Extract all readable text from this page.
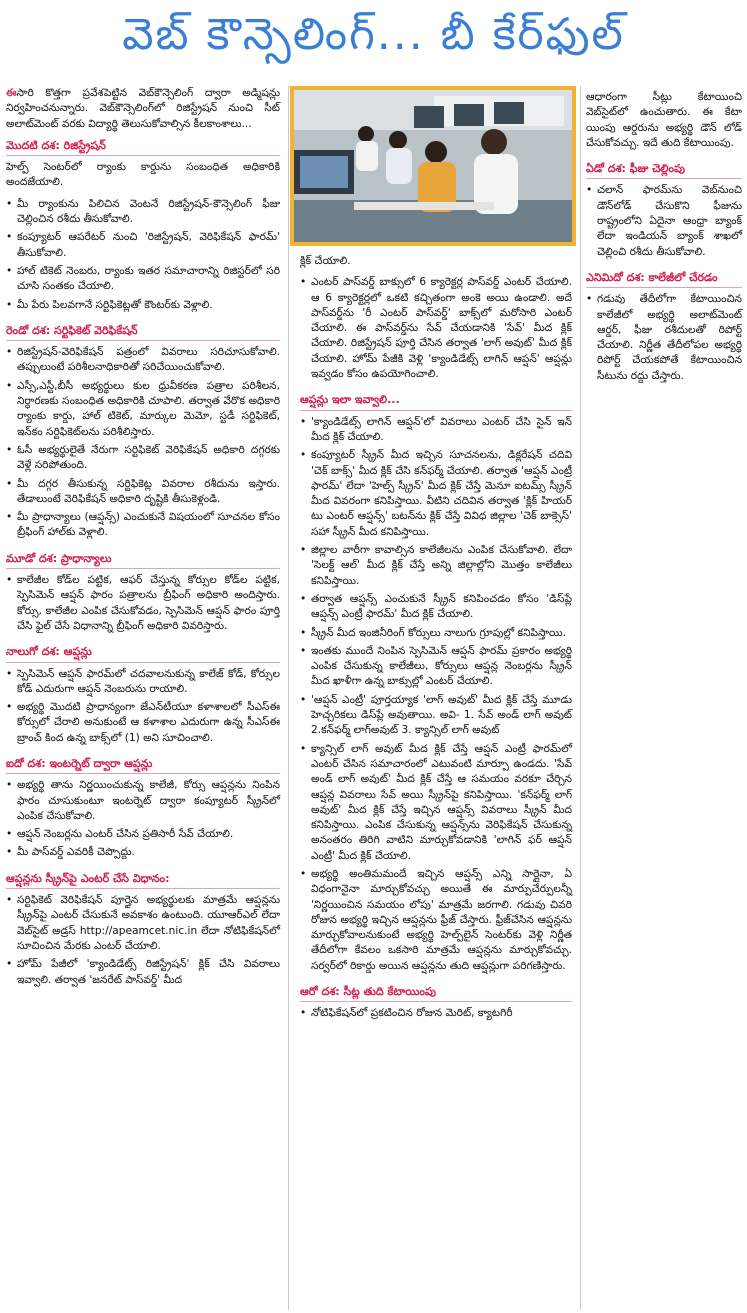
వెబ్ కౌన్సెలింగ్... బీ కేర్‌ఫుల్

ఈసారి కొత్తగా ప్రవేశపెట్టిన వెబ్‌కౌన్సెలింగ్ ద్వారా అడ్మిషన్లు నిర్వహించనున్నారు. వెబ్‌కౌన్సెలింగ్‌లో రిజిస్ట్రేషన్ నుంచి సీట్ అలాట్‌మెంట్ వరకు విద్యార్థి తెలుసుకోవాల్సిన కీలకాంశాలు...

మొదటి దశ: రిజిస్ట్రేషన్

హెల్ప్ సెంటర్‌లో ర్యాంకు కార్డును సంబంధిత అధికారికి అందజేయాలి.

• మీ ర్యాంకును పిలిచిన వెంటనే రిజిస్ట్రేషన్-కౌన్సెలింగ్ ఫీజు చెల్లించిన రశీదు తీసుకోవాలి.
• కంప్యూటర్ ఆపరేటర్ నుంచి 'రిజిస్ట్రేషన్, వెరిఫికేషన్ ఫారమ్' తీసుకోవాలి.
• హాల్ టికెట్ నెంబరు, ర్యాంకు ఇతర సమాచారాన్ని రిజిస్టర్‌లో సరి చూసి సంతకం చేయాలి.
• మీ పేరు పిలవగానే సర్టిఫికెట్లతో కౌంటర్‌కు వెళ్లాలి.
రెండో దశ: సర్టిఫికెట్ వెరిఫికేషన్
• రిజిస్ట్రేషన్-వెరిఫికేషన్ పత్రంలో వివరాలు సరిచూసుకోవాలి. తప్పులుంటే పరిశీలనాధికారితో సరిచేయించుకోవాలి.
• ఎస్సీ,ఎస్టీ,బీసీ అభ్యర్థులు కుల ధ్రువీకరణ పత్రాల పరిశీలన, నిర్ధారణకు సంబంధిత అధికారికి చూపాలి. తర్వాత వేరొక అధికారి ర్యాంకు కార్డు, హాల్ టికెట్, మార్కుల మెమో, స్టడీ సర్టిఫికెట్, ఇన్‌కం సర్టిఫికెట్‌లను పరిశీలిస్తారు.
• ఓసీ అభ్యర్థులైతే నేరుగా సర్టిఫికెట్ వెరిఫికేషన్ అధికారి దగ్గరకు వెళ్లే సరిపోతుంది.
• మీ దగ్గర తీసుకున్న సర్టిఫికెట్ల వివరాల రశీదును ఇస్తారు. తేడాలుంటే వెరిఫికేషన్ అధికారి దృష్టికి తీసుకెళ్లండి.
• మీ ప్రాధాన్యాలు (ఆప్షన్స్) ఎంచుకునే విషయంలో సూచనల కోసం బ్రీఫింగ్ హాల్‌కు వెళ్లాలి.
మూడో దశ: ప్రాధాన్యాలు
• కాలేజీల కోడ్‌ల పట్టిక, ఆఫర్ చేస్తున్న కోర్సుల కోడ్‌ల పట్టిక, స్పెసిమెన్ ఆప్షన్ ఫారం పత్రాలను బ్రీఫింగ్ అధికారి అందిస్తారు. కోర్సు, కాలేజీల ఎంపిక చేసుకోవడం, స్పెసిమెన్ ఆప్షన్ ఫారం పూర్తి చేసి ఫైల్ చేసే విధానాన్ని బ్రీఫింగ్ అధికారి వివరిస్తారు.
నాలుగో దశ: ఆప్షన్లు
• స్పెసిమెన్ ఆప్షన్ ఫారమ్‌లో చదవాలనుకున్న కాలేజ్ కోడ్, కోర్సుల కోడ్ ఎదురుగా ఆప్షన్ నెంబరును రాయాలి.
• అభ్యర్థి మొదటి ప్రాధాన్యంగా జేఎన్‌టీయూ కళాశాలలో సీఎస్‌ఈ కోర్సులో చేరాలి అనుకుంటే ఆ కళాశాల ఎదురుగా ఉన్న సీఎస్‌ఈ బ్రాంచ్ కింద ఉన్న బాక్స్‌లో (1) అని సూచించాలి.
ఐదో దశ: ఇంటర్నెట్ ద్వారా ఆప్షన్లు
• అభ్యర్థి తాను నిర్ణయించుకున్న కాలేజీ, కోర్సు ఆప్షన్లను నింపిన ఫారం చూసుకుంటూ ఇంటర్నెట్ ద్వారా కంప్యూటర్ స్క్రీన్‌లో ఎంపిక చేసుకోవాలి.
• ఆప్షన్ నెంబర్లను ఎంటర్ చేసిన ప్రతిసారీ సేవ్ చేయాలి.
• మీ పాస్‌వర్డ్ ఎవరికీ చెప్పొద్దు.
ఆప్షన్లను స్క్రీన్‌పై ఎంటర్ చేసే విధానం:
• సర్టిఫికెట్ వెరిఫికేషన్ పూర్తైన అభ్యర్థులకు మాత్రమే ఆప్షన్లను స్క్రీన్‌పై ఎంటర్ చేసుకునే అవకాశం ఉంటుంది. యూఆర్‌ఎల్ లేదా వెబ్‌సైట్ అడ్రస్ http://apeamcet.nic.in లేదా నోటిఫికేషన్‌లో సూచించిన మేరకు ఎంటర్ చేయాలి.
• హోమ్ పేజీలో 'క్యాండిడేట్స్ రిజిస్ట్రేషన్' క్లిక్ చేసి వివరాలు ఇవ్వాలి. తర్వాత 'జనరేట్ పాస్‌వర్డ్' మీద

క్లిక్ చేయాలి.

• ఎంటర్ పాస్‌వర్డ్ బాక్సులో 6 క్యారెక్టర్ల పాస్‌వర్డ్ ఎంటర్ చేయాలి. ఆ 6 క్యారెక్టర్లలో ఒకటి కచ్చితంగా అంకె అయి ఉండాలి. అదే పాస్‌వర్డ్‌ను 'రీ ఎంటర్ పాస్‌వర్డ్' బాక్స్‌లో మరోసారి ఎంటర్ చేయాలి. ఈ పాస్‌వర్డ్‌ను సేవ్ చేయడానికి 'సేవ్' మీద క్లిక్ చేయాలి. రిజిస్ట్రేషన్ పూర్తి చేసిన తర్వాత 'లాగ్ అవుట్' మీద క్లిక్ చేయాలి. హోమ్ పేజీకి వెళ్లి 'క్యాండిడేట్స్ లాగిన్ ఆప్షన్' ఆప్షన్లు ఇవ్వడం కోసం ఉపయోగించాలి.
ఆప్షన్లు ఇలా ఇవ్వాలి...
• 'క్యాండిడేట్స్ లాగిన్ ఆప్షన్'లో వివరాలు ఎంటర్ చేసి సైన్ ఇన్ మీద క్లిక్ చేయాలి.
• కంప్యూటర్ స్క్రీన్ మీద ఇచ్చిన సూచనలను, డిక్లరేషన్ చదివి 'చెక్ బాక్స్' మీద క్లిక్ చేసి కన్‌ఫర్మ్ చేయాలి. తర్వాత 'ఆప్షన్ ఎంట్రీ ఫారమ్' లేదా 'హెల్ప్ స్క్రీన్' మీద క్లిక్ చేస్తే మెనూ ఐటమ్స్ స్క్రీన్ మీద వివరంగా కనిపిస్తాయి. వీటిని చదివిన తర్వాత 'క్లిక్ హియర్ టు ఎంటర్ ఆప్షన్స్' బటన్‌ను క్లిక్ చేస్తే వివిధ జిల్లాల 'చెక్ బాక్సెస్' సహా స్క్రీన్ మీద కనిపిస్తాయి.
• జిల్లాల వారీగా కావాల్సిన కాలేజీలను ఎంపిక చేసుకోవాలి. లేదా 'సెలక్ట్ ఆల్' మీద క్లిక్ చేస్తే అన్ని జిల్లాల్లోని మొత్తం కాలేజీలు కనిపిస్తాయి.
• తర్వాత ఆప్షన్స్ ఎంచుకునే స్క్రీన్ కనిపించడం కోసం 'డిస్‌ప్లే ఆప్షన్స్ ఎంట్రీ ఫారమ్' మీద క్లిక్ చేయాలి.
• స్క్రీన్ మీద ఇంజినీరింగ్ కోర్సులు నాలుగు గ్రూపుల్లో కనిపిస్తాయి.
• ఇంతకు ముందే నింపిన స్పెసిమెన్ ఆప్షన్ ఫారమ్ ప్రకారం అభ్యర్థి ఎంపిక చేసుకున్న కాలేజీలు, కోర్సులు ఆప్షన్ల నెంబర్లను స్క్రీన్ మీద ఖాళీగా ఉన్న బాక్సుల్లో ఎంటర్ చేయాలి.
• 'ఆప్షన్ ఎంట్రీ' పూర్తయ్యాక 'లాగ్ అవుట్' మీద క్లిక్ చేస్తే మూడు హెచ్చరికలు డిస్‌ప్లే అవుతాయి. అవి- 1. సేవ్ అండ్ లాగ్ అవుట్ 2.కన్‌ఫర్మ్ లాగ్‌అవుట్ 3. క్యాన్సిల్ లాగ్ అవుట్
• క్యాన్సిల్ లాగ్ అవుట్ మీద క్లిక్ చేస్తే ఆప్షన్ ఎంట్రీ ఫారమ్‌లో ఎంటర్ చేసిన సమాచారంలో ఎటువంటి మార్పూ ఉండదు. 'సేవ్ అండ్ లాగ్ అవుట్' మీద క్లిక్ చేస్తే ఆ సమయం వరకూ చేర్చిన ఆప్షన్ల వివరాలు సేవ్ అయి స్క్రీన్‌పై కనిపిస్తాయి. 'కన్‌ఫర్మ్ లాగ్ అవుట్' మీద క్లిక్ చేస్తే ఇచ్చిన ఆప్షన్స్ వివరాలు స్క్రీన్ మీద కనిపిస్తాయి. ఎంపిక చేసుకున్న ఆప్షన్స్‌ను వెరిఫికేషన్ చేసుకున్న అనంతరం తిరిగి వాటిని మార్చుకోవడానికి 'లాగిన్ ఫర్ ఆప్షన్ ఎంట్రీ' మీద క్లిక్ చేయాలి.
• అభ్యర్థి అంతిమమందే ఇచ్చిన ఆప్షన్స్ ఎన్ని సార్లైనా, ఏ విధంగానైనా మార్చుకోవచ్చు అయితే ఈ మార్పుచేర్పులన్నీ 'నిర్ణయించిన సమయం లోపు' మాత్రమే జరగాలి. గడువు చివరి రోజున అభ్యర్థి ఇచ్చిన ఆప్షన్లను ఫ్రీజ్ చేస్తారు. ఫ్రీజ్‌చేసిన ఆప్షన్లను మార్చుకోవాలనుకుంటే అభ్యర్థి హెల్ప్‌లైన్ సెంటర్‌కు వెళ్లి నిర్ణీత తేదీలోగా కేవలం ఒకసారి మాత్రమే ఆప్షన్లను మార్చుకోవచ్చు. సర్వర్‌లో రికార్డు అయిన ఆప్షన్లను తుది ఆప్షన్లుగా పరిగణిస్తారు.
ఆరో దశ: సీట్ల తుది కేటాయింపు
• నోటిఫికేషన్‌లో ప్రకటించిన రోజున మెరిట్, క్యాటగిరీ

ఆధారంగా సీట్లు కేటాయించి వెబ్‌సైట్‌లో ఉంచుతారు. ఈ కేటా యింపు ఆర్డరును అభ్యర్థి డౌన్ లోడ్ చేసుకోవచ్చు. ఇదే తుది కేటాయింపు.

ఏడో దశ: ఫీజు చెల్లింపు
• చలాన్ ఫారమ్‌ను వెబ్‌నుంచి డౌన్‌లోడ్ చేసుకొని ఫీజును రాష్ట్రంలోని ఏదైనా ఆంధ్రా బ్యాంక్ లేదా ఇండియన్ బ్యాంక్ శాఖలో చెల్లించి రశీదు తీసుకోవాలి.
ఎనిమిదో దశ: కాలేజీలో చేరడం
• గడువు తేదీలోగా కేటాయించిన కాలేజీలో అభ్యర్థి అలాట్‌మెంట్ ఆర్డర్, ఫీజు రశీదులతో రిపోర్ట్ చేయాలి. నిర్ణీత తేదీలోపల అభ్యర్థి రిపోర్ట్ చేయకపోతే కేటాయించిన సీటును రద్దు చేస్తారు.
